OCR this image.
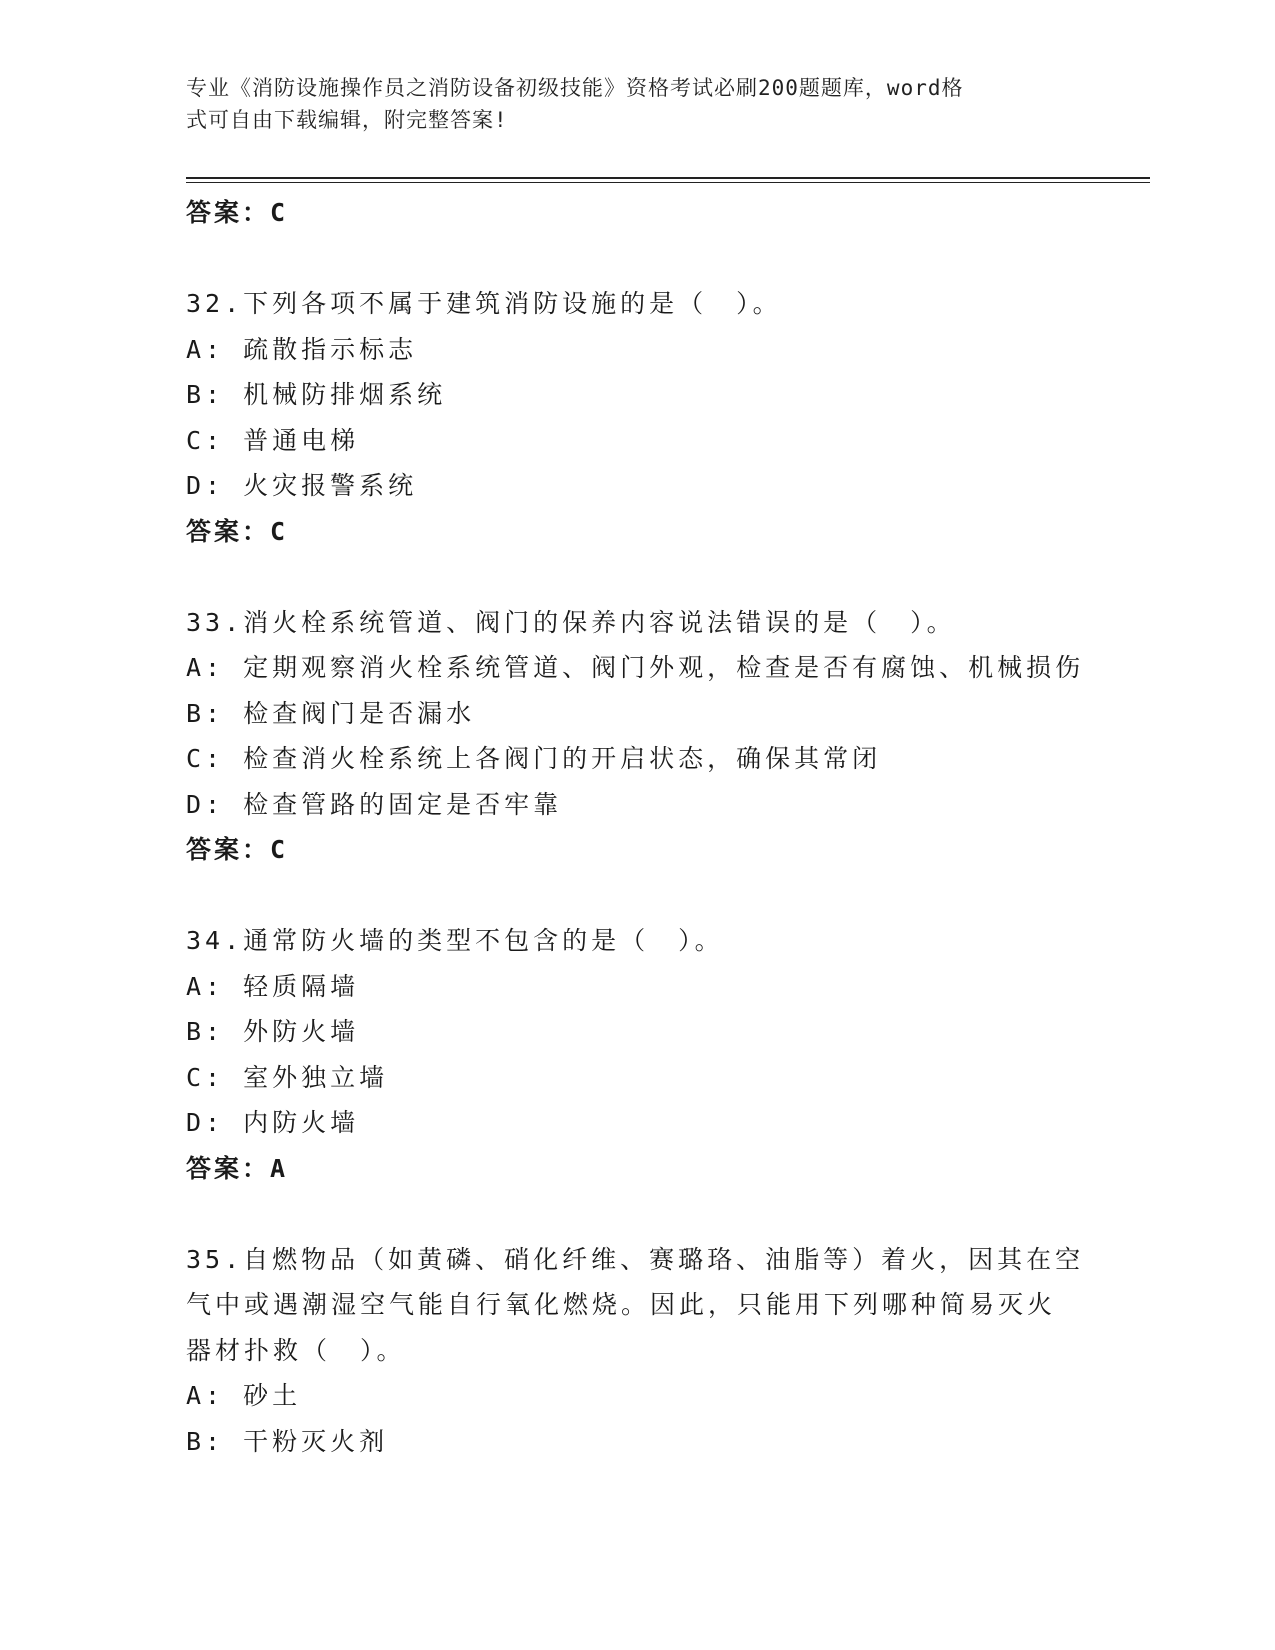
专业《消防设施操作员之消防设备初级技能》资格考试必刷200题题库，word格
式可自由下载编辑，附完整答案!
答案：C
32.下列各项不属于建筑消防设施的是（　）。
A: 疏散指示标志
B: 机械防排烟系统
C: 普通电梯
D: 火灾报警系统
答案：C
33.消火栓系统管道、阀门的保养内容说法错误的是（　）。
A: 定期观察消火栓系统管道、阀门外观，检查是否有腐蚀、机械损伤
B: 检查阀门是否漏水
C: 检查消火栓系统上各阀门的开启状态，确保其常闭
D: 检查管路的固定是否牢靠
答案：C
34.通常防火墙的类型不包含的是（　）。
A: 轻质隔墙
B: 外防火墙
C: 室外独立墙
D: 内防火墙
答案：A
35.自燃物品（如黄磷、硝化纤维、赛璐珞、油脂等）着火，因其在空
气中或遇潮湿空气能自行氧化燃烧。因此，只能用下列哪种简易灭火
器材扑救（　）。
A: 砂土
B: 干粉灭火剂
